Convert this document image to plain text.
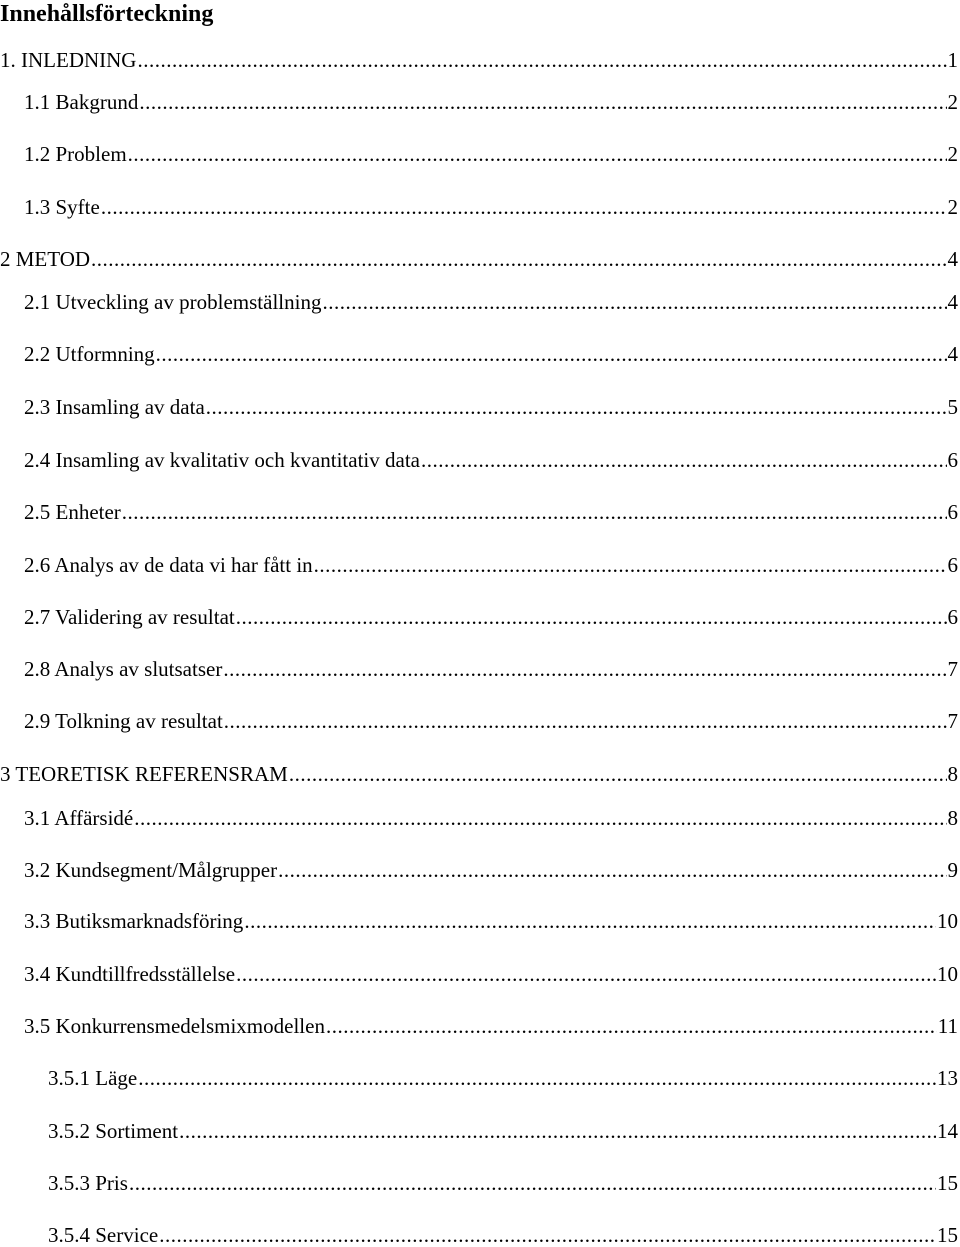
Innehållsförteckning
1. INLEDNING .....	1
1.1 Bakgrund .....	2
1.2 Problem .....	2
1.3 Syfte .....	2
2 METOD .....	4
2.1 Utveckling av problemställning .....	4
2.2 Utformning .....	4
2.3 Insamling av data .....	5
2.4 Insamling av kvalitativ och kvantitativ data .....	6
2.5 Enheter .....	6
2.6 Analys av de data vi har fått in .....	6
2.7 Validering av resultat .....	6
2.8 Analys av slutsatser .....	7
2.9 Tolkning av resultat .....	7
3 TEORETISK REFERENSRAM .....	8
3.1 Affärsidé .....	8
3.2 Kundsegment/Målgrupper .....	9
3.3 Butiksmarknadsföring .....	10
3.4 Kundtillfredsställelse .....	10
3.5 Konkurrensmedelsmixmodellen .....	11
3.5.1 Läge .....	13
3.5.2 Sortiment .....	14
3.5.3 Pris .....	15
3.5.4 Service .....	15
